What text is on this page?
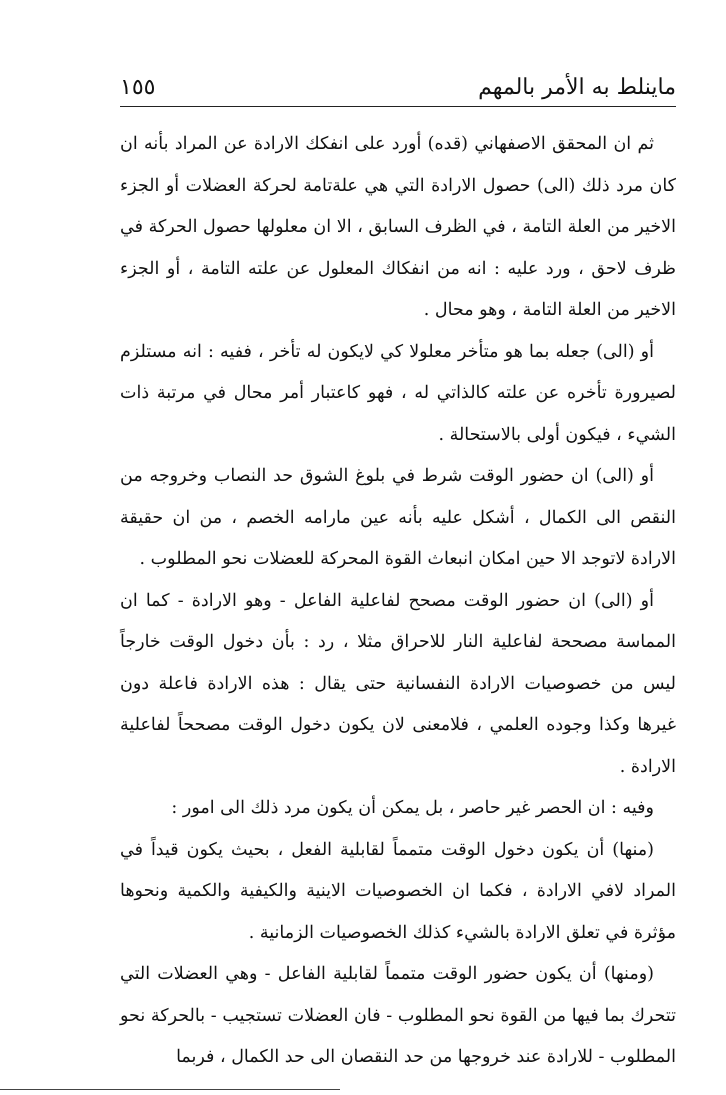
ماينلط به الأمر بالمهم
١٥٥

ثم ان المحقق الاصفهاني (قده) أورد على انفكك الارادة عن المراد بأنه ان كان مرد ذلك (الى) حصول الارادة التي هي علةتامة لحركة العضلات أو الجزء الاخير من العلة التامة ، في الظرف السابق ، الا ان معلولها حصول الحركة في ظرف لاحق ، ورد عليه : انه من انفكاك المعلول عن علته التامة ، أو الجزء الاخير من العلة التامة ، وهو محال .

أو (الى) جعله بما هو متأخر معلولا كي لايكون له تأخر ، ففيه : انه مستلزم لصيرورة تأخره عن علته كالذاتي له ، فهو كاعتبار أمر محال في مرتبة ذات الشيء ، فيكون أولى بالاستحالة .

أو (الى) ان حضور الوقت شرط في بلوغ الشوق حد النصاب وخروجه من النقص الى الكمال ، أشكل عليه بأنه عين مارامه الخصم ، من ان حقيقة الارادة لاتوجد الا حين امكان انبعاث القوة المحركة للعضلات نحو المطلوب .

أو (الى) ان حضور الوقت مصحح لفاعلية الفاعل - وهو الارادة - كما ان المماسة مصححة لفاعلية النار للاحراق مثلا ، رد : بأن دخول الوقت خارجاً ليس من خصوصيات الارادة النفسانية حتى يقال : هذه الارادة فاعلة دون غيرها وكذا وجوده العلمي ، فلامعنى لان يكون دخول الوقت مصححاً لفاعلية الارادة .

وفيه : ان الحصر غير حاصر ، بل يمكن أن يكون مرد ذلك الى امور :

(منها) أن يكون دخول الوقت متمماً لقابلية الفعل ، بحيث يكون قيداً في المراد لافي الارادة ، فكما ان الخصوصيات الاينية والكيفية والكمية ونحوها مؤثرة في تعلق الارادة بالشيء كذلك الخصوصيات الزمانية .

(ومنها) أن يكون حضور الوقت متمماً لقابلية الفاعل - وهي العضلات التي تتحرك بما فيها من القوة نحو المطلوب - فان العضلات تستجيب - بالحركة نحو المطلوب - للارادة عند خروجها من حد النقصان الى حد الكمال ، فربما
